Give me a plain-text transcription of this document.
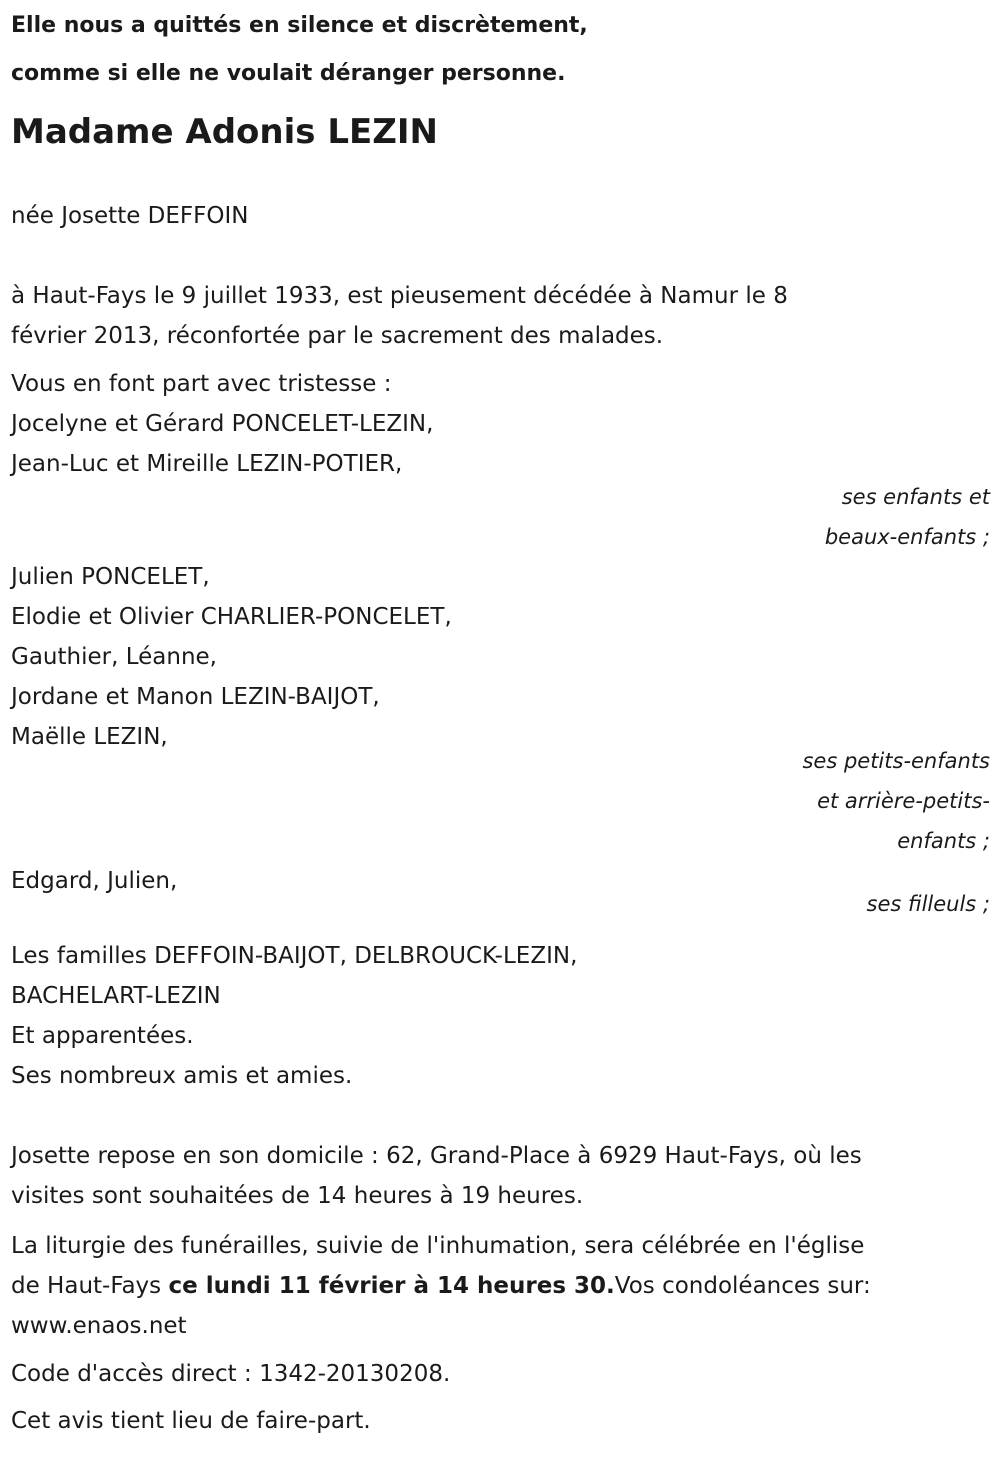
Elle nous a quittés en silence et discrètement,
comme si elle ne voulait déranger personne.
Madame Adonis LEZIN
née Josette DEFFOIN
à Haut-Fays le 9 juillet 1933, est pieusement décédée à Namur le 8
février 2013, réconfortée par le sacrement des malades.
Vous en font part avec tristesse :
Jocelyne et Gérard PONCELET-LEZIN,
Jean-Luc et Mireille LEZIN-POTIER,
ses enfants et
beaux-enfants ;
Julien PONCELET,
Elodie et Olivier CHARLIER-PONCELET,
Gauthier, Léanne,
Jordane et Manon LEZIN-BAIJOT,
Maëlle LEZIN,
ses petits-enfants
et arrière-petits-
enfants ;
Edgard, Julien,
ses filleuls ;
Les familles DEFFOIN-BAIJOT, DELBROUCK-LEZIN,
BACHELART-LEZIN
Et apparentées.
Ses nombreux amis et amies.
Josette repose en son domicile : 62, Grand-Place à 6929 Haut-Fays, où les
visites sont souhaitées de 14 heures à 19 heures.
La liturgie des funérailles, suivie de l'inhumation, sera célébrée en l'église
de Haut-Fays ce lundi 11 février à 14 heures 30.Vos condoléances sur:
www.enaos.net
Code d'accès direct : 1342-20130208.
Cet avis tient lieu de faire-part.
